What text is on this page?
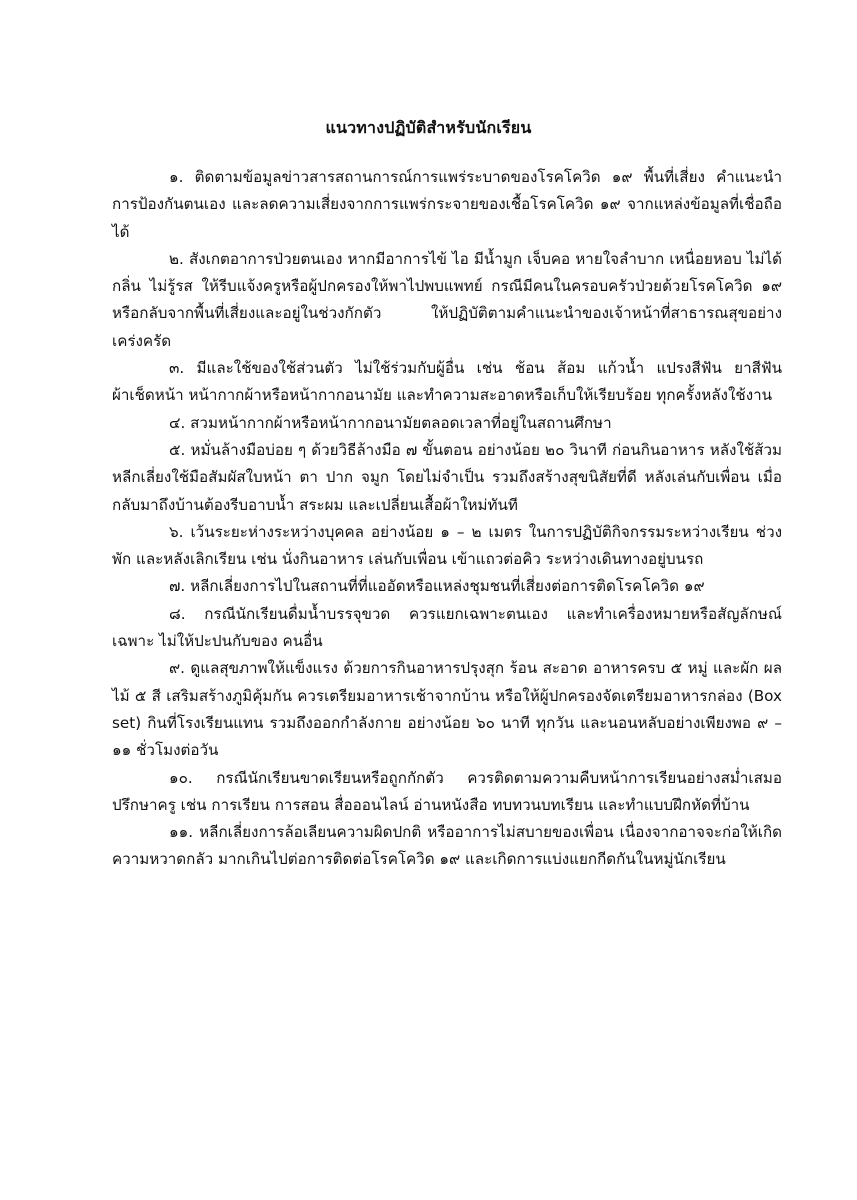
แนวทางปฏิบัติสำหรับนักเรียน

๑. ติดตามข้อมูลข่าวสารสถานการณ์การแพร่ระบาดของโรคโควิด ๑๙ พื้นที่เสี่ยง คำแนะนำการป้องกันตนเอง และลดความเสี่ยงจากการแพร่กระจายของเชื้อโรคโควิด ๑๙ จากแหล่งข้อมูลที่เชื่อถือได้

๒. สังเกตอาการป่วยตนเอง หากมีอาการไข้ ไอ มีน้ำมูก เจ็บคอ หายใจลำบาก เหนื่อยหอบ ไม่ได้กลิ่น ไม่รู้รส ให้รีบแจ้งครูหรือผู้ปกครองให้พาไปพบแพทย์ กรณีมีคนในครอบครัวป่วยด้วยโรคโควิด ๑๙ หรือกลับจากพื้นที่เสี่ยงและอยู่ในช่วงกักตัว ให้ปฏิบัติตามคำแนะนำของเจ้าหน้าที่สาธารณสุขอย่างเคร่งครัด

๓. มีและใช้ของใช้ส่วนตัว ไม่ใช้ร่วมกับผู้อื่น เช่น ช้อน ส้อม แก้วน้ำ แปรงสีฟัน ยาสีฟัน ผ้าเช็ดหน้า หน้ากากผ้าหรือหน้ากากอนามัย และทำความสะอาดหรือเก็บให้เรียบร้อย ทุกครั้งหลังใช้งาน

๔. สวมหน้ากากผ้าหรือหน้ากากอนามัยตลอดเวลาที่อยู่ในสถานศึกษา

๕. หมั่นล้างมือบ่อย ๆ ด้วยวิธีล้างมือ ๗ ขั้นตอน อย่างน้อย ๒๐ วินาที ก่อนกินอาหาร หลังใช้ส้วม หลีกเลี่ยงใช้มือสัมผัสใบหน้า ตา ปาก จมูก โดยไม่จำเป็น รวมถึงสร้างสุขนิสัยที่ดี หลังเล่นกับเพื่อน เมื่อกลับมาถึงบ้านต้องรีบอาบน้ำ สระผม และเปลี่ยนเสื้อผ้าใหม่ทันที

๖. เว้นระยะห่างระหว่างบุคคล อย่างน้อย ๑ – ๒ เมตร ในการปฏิบัติกิจกรรมระหว่างเรียน ช่วงพัก และหลังเลิกเรียน เช่น นั่งกินอาหาร เล่นกับเพื่อน เข้าแถวต่อคิว ระหว่างเดินทางอยู่บนรถ

๗. หลีกเลี่ยงการไปในสถานที่ที่แออัดหรือแหล่งชุมชนที่เสี่ยงต่อการติดโรคโควิด ๑๙

๘. กรณีนักเรียนดื่มน้ำบรรจุขวด ควรแยกเฉพาะตนเอง และทำเครื่องหมายหรือสัญลักษณ์เฉพาะ ไม่ให้ปะปนกับของ คนอื่น

๙. ดูแลสุขภาพให้แข็งแรง ด้วยการกินอาหารปรุงสุก ร้อน สะอาด อาหารครบ ๕ หมู่ และผัก ผลไม้ ๕ สี เสริมสร้างภูมิคุ้มกัน ควรเตรียมอาหารเช้าจากบ้าน หรือให้ผู้ปกครองจัดเตรียมอาหารกล่อง (Box set) กินที่โรงเรียนแทน รวมถึงออกกำลังกาย อย่างน้อย ๖๐ นาที ทุกวัน และนอนหลับอย่างเพียงพอ ๙ – ๑๑ ชั่วโมงต่อวัน

๑๐. กรณีนักเรียนขาดเรียนหรือถูกกักตัว ควรติดตามความคืบหน้าการเรียนอย่างสม่ำเสมอ ปรึกษาครู เช่น การเรียน การสอน สื่อออนไลน์ อ่านหนังสือ ทบทวนบทเรียน และทำแบบฝึกหัดที่บ้าน

๑๑. หลีกเลี่ยงการล้อเลียนความผิดปกติ หรืออาการไม่สบายของเพื่อน เนื่องจากอาจจะก่อให้เกิดความหวาดกลัว มากเกินไปต่อการติดต่อโรคโควิด ๑๙ และเกิดการแบ่งแยกกีดกันในหมู่นักเรียน
